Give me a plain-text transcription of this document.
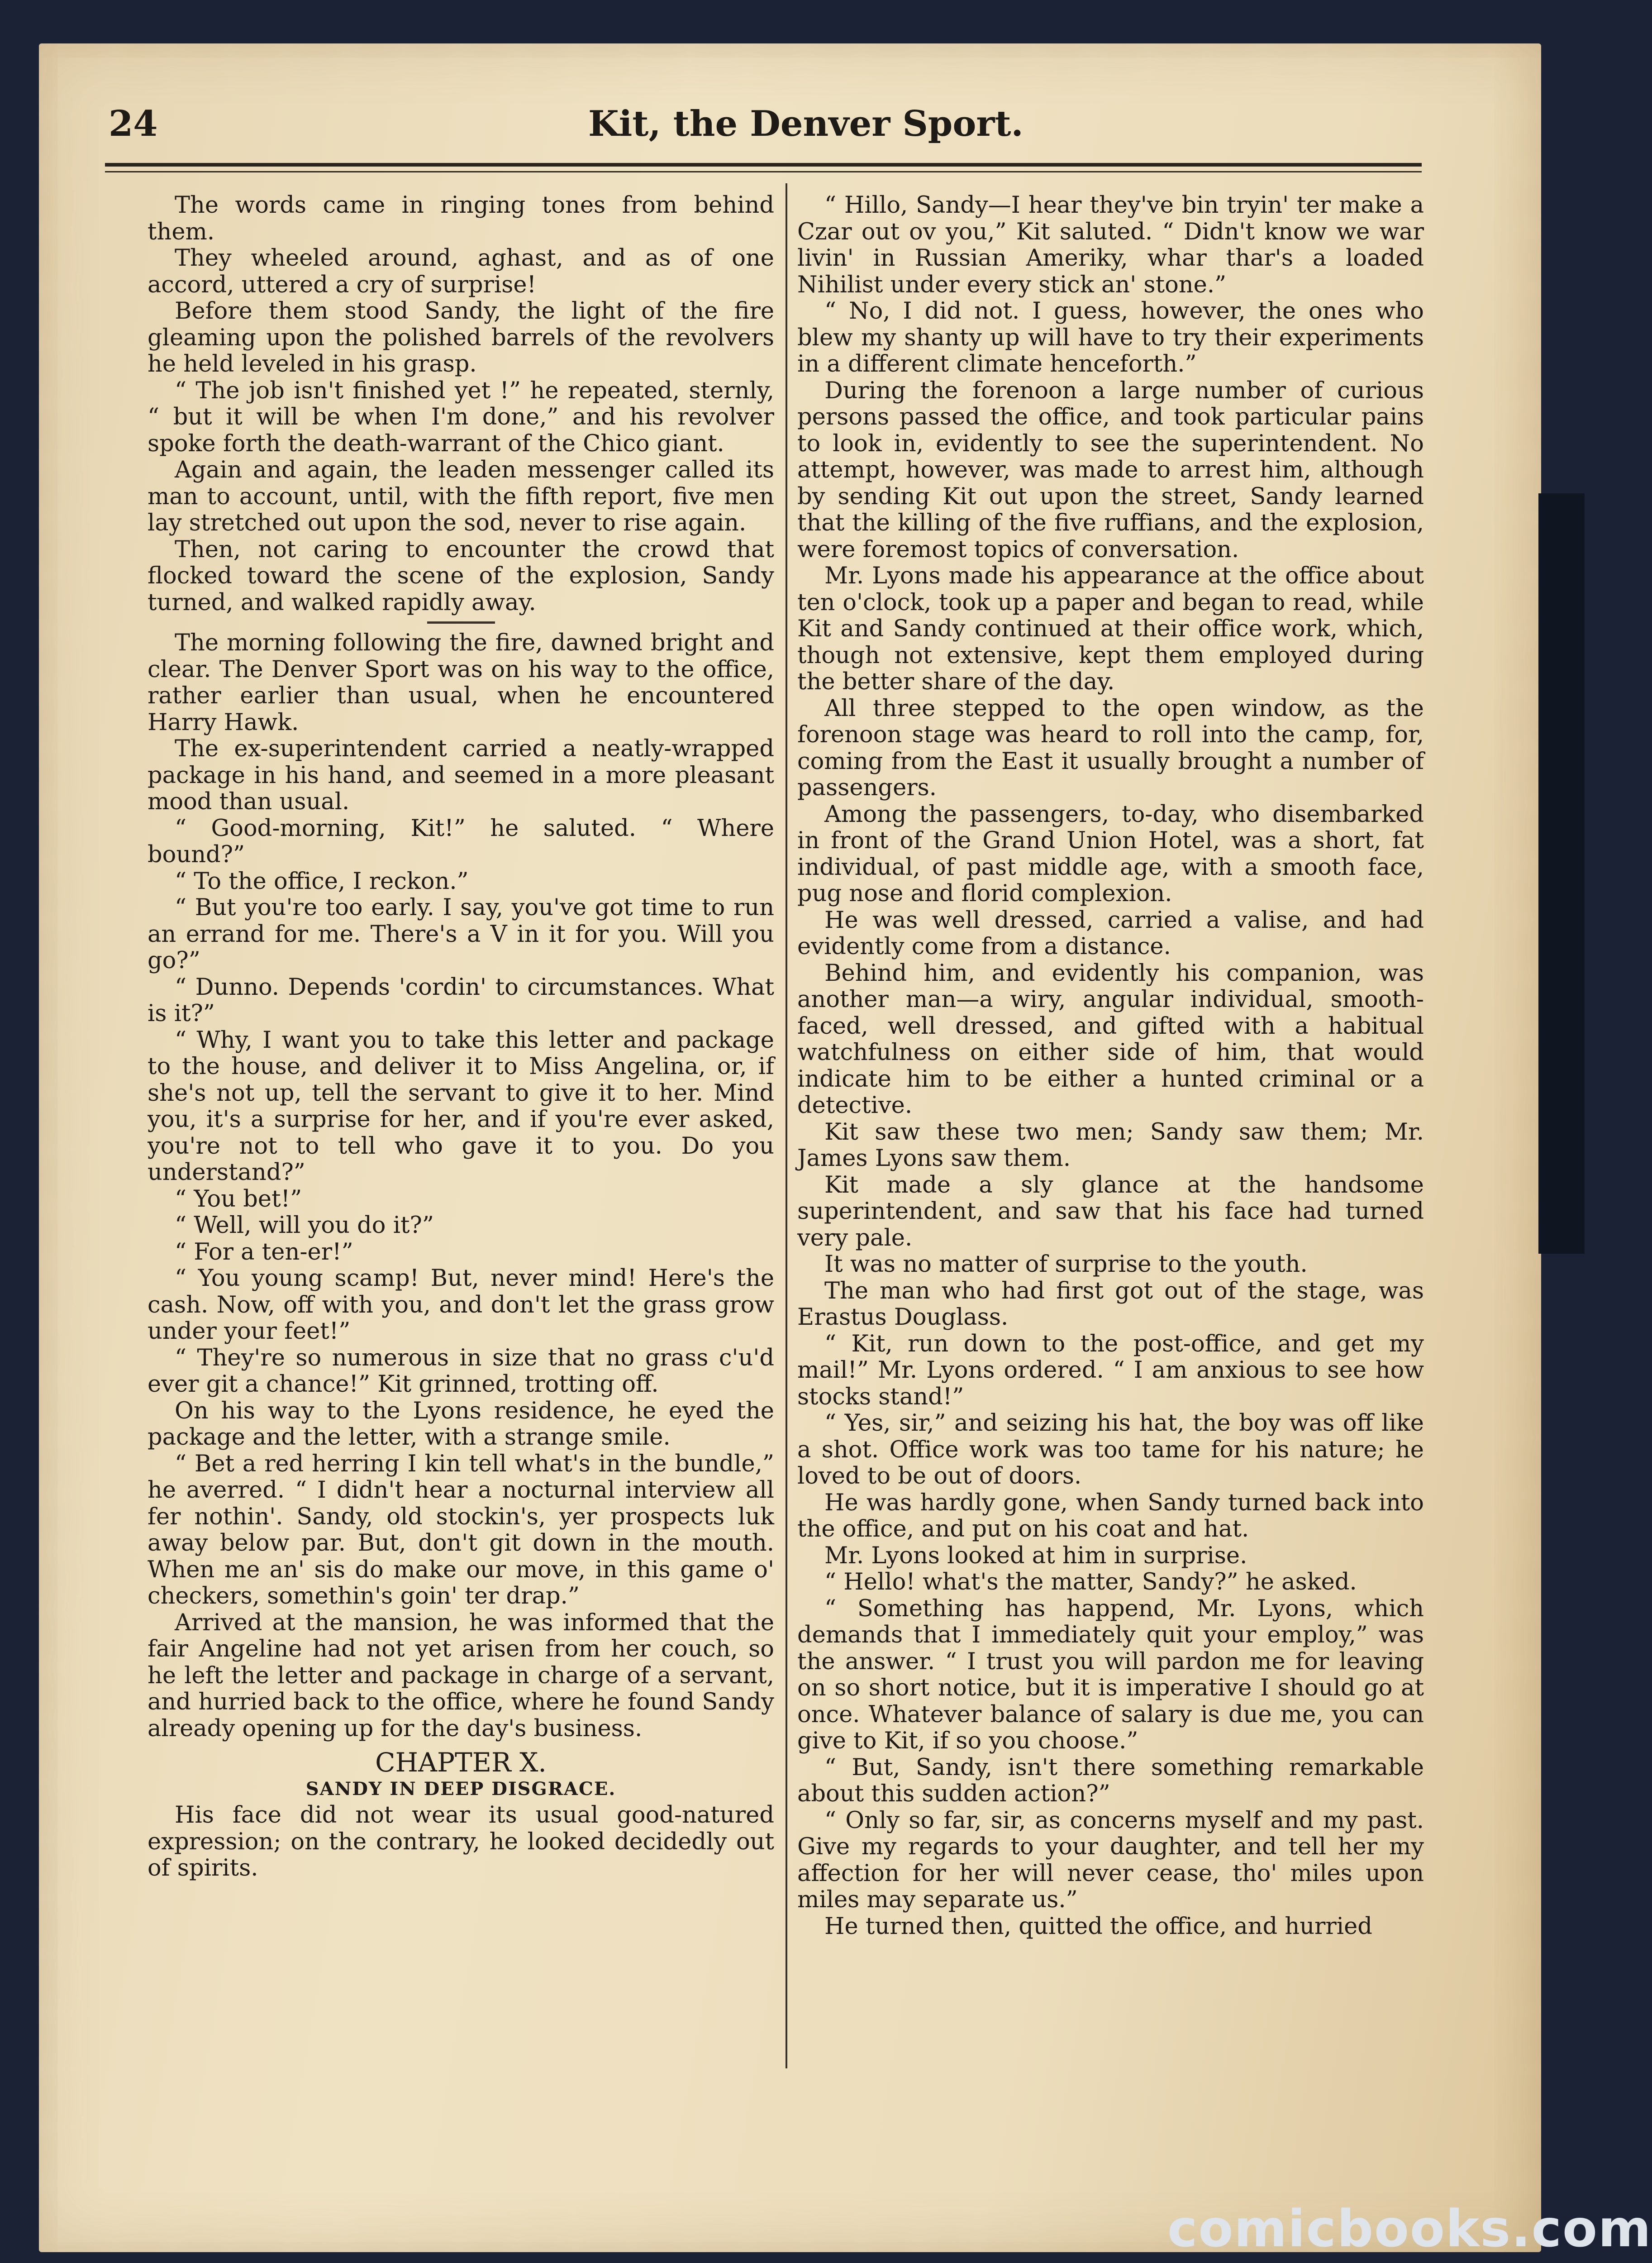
24	Kit, the Denver Sport.

The words came in ringing tones from behind them.

They wheeled around, aghast, and as of one accord, uttered a cry of surprise!

Before them stood Sandy, the light of the fire gleaming upon the polished barrels of the revolvers he held leveled in his grasp.

“ The job isn't finished yet !” he repeated, sternly, “ but it will be when I'm done,” and his revolver spoke forth the death-warrant of the Chico giant.

Again and again, the leaden messenger called its man to account, until, with the fifth report, five men lay stretched out upon the sod, never to rise again.

Then, not caring to encounter the crowd that flocked toward the scene of the explosion, Sandy turned, and walked rapidly away.

The morning following the fire, dawned bright and clear. The Denver Sport was on his way to the office, rather earlier than usual, when he encountered Harry Hawk.

The ex-superintendent carried a neatly-wrapped package in his hand, and seemed in a more pleasant mood than usual.

“ Good-morning, Kit!” he saluted. “ Where bound?”

“ To the office, I reckon.”

“ But you're too early. I say, you've got time to run an errand for me. There's a V in it for you. Will you go?”

“ Dunno. Depends 'cordin' to circumstances. What is it?”

“ Why, I want you to take this letter and package to the house, and deliver it to Miss Angelina, or, if she's not up, tell the servant to give it to her. Mind you, it's a surprise for her, and if you're ever asked, you're not to tell who gave it to you. Do you understand?”

“ You bet!”

“ Well, will you do it?”

“ For a ten-er!”

“ You young scamp! But, never mind! Here's the cash. Now, off with you, and don't let the grass grow under your feet!”

“ They're so numerous in size that no grass c'u'd ever git a chance!” Kit grinned, trotting off.

On his way to the Lyons residence, he eyed the package and the letter, with a strange smile.

“ Bet a red herring I kin tell what's in the bundle,” he averred. “ I didn't hear a nocturnal interview all fer nothin'. Sandy, old stockin's, yer prospects luk away below par. But, don't git down in the mouth. When me an' sis do make our move, in this game o' checkers, somethin's goin' ter drap.”

Arrived at the mansion, he was informed that the fair Angeline had not yet arisen from her couch, so he left the letter and package in charge of a servant, and hurried back to the office, where he found Sandy already opening up for the day's business.

CHAPTER X.
SANDY IN DEEP DISGRACE.

His face did not wear its usual good-natured expression; on the contrary, he looked decidedly out of spirits.

“ Hillo, Sandy—I hear they've bin tryin' ter make a Czar out ov you,” Kit saluted. “ Didn't know we war livin' in Russian Ameriky, whar thar's a loaded Nihilist under every stick an' stone.”

“ No, I did not. I guess, however, the ones who blew my shanty up will have to try their experiments in a different climate henceforth.”

During the forenoon a large number of curious persons passed the office, and took particular pains to look in, evidently to see the superintendent. No attempt, however, was made to arrest him, although by sending Kit out upon the street, Sandy learned that the killing of the five ruffians, and the explosion, were foremost topics of conversation.

Mr. Lyons made his appearance at the office about ten o'clock, took up a paper and began to read, while Kit and Sandy continued at their office work, which, though not extensive, kept them employed during the better share of the day.

All three stepped to the open window, as the forenoon stage was heard to roll into the camp, for, coming from the East it usually brought a number of passengers.

Among the passengers, to-day, who disembarked in front of the Grand Union Hotel, was a short, fat individual, of past middle age, with a smooth face, pug nose and florid complexion.

He was well dressed, carried a valise, and had evidently come from a distance.

Behind him, and evidently his companion, was another man—a wiry, angular individual, smooth-faced, well dressed, and gifted with a habitual watchfulness on either side of him, that would indicate him to be either a hunted criminal or a detective.

Kit saw these two men; Sandy saw them; Mr. James Lyons saw them.

Kit made a sly glance at the handsome superintendent, and saw that his face had turned very pale.

It was no matter of surprise to the youth.

The man who had first got out of the stage, was Erastus Douglass.

“ Kit, run down to the post-office, and get my mail!” Mr. Lyons ordered. “ I am anxious to see how stocks stand!”

“ Yes, sir,” and seizing his hat, the boy was off like a shot. Office work was too tame for his nature; he loved to be out of doors.

He was hardly gone, when Sandy turned back into the office, and put on his coat and hat.

Mr. Lyons looked at him in surprise.

“ Hello! what's the matter, Sandy?” he asked.

“ Something has happend, Mr. Lyons, which demands that I immediately quit your employ,” was the answer. “ I trust you will pardon me for leaving on so short notice, but it is imperative I should go at once. Whatever balance of salary is due me, you can give to Kit, if so you choose.”

“ But, Sandy, isn't there something remarkable about this sudden action?”

“ Only so far, sir, as concerns myself and my past. Give my regards to your daughter, and tell her my affection for her will never cease, tho' miles upon miles may separate us.”

He turned then, quitted the office, and hurried

comicbooks.com
